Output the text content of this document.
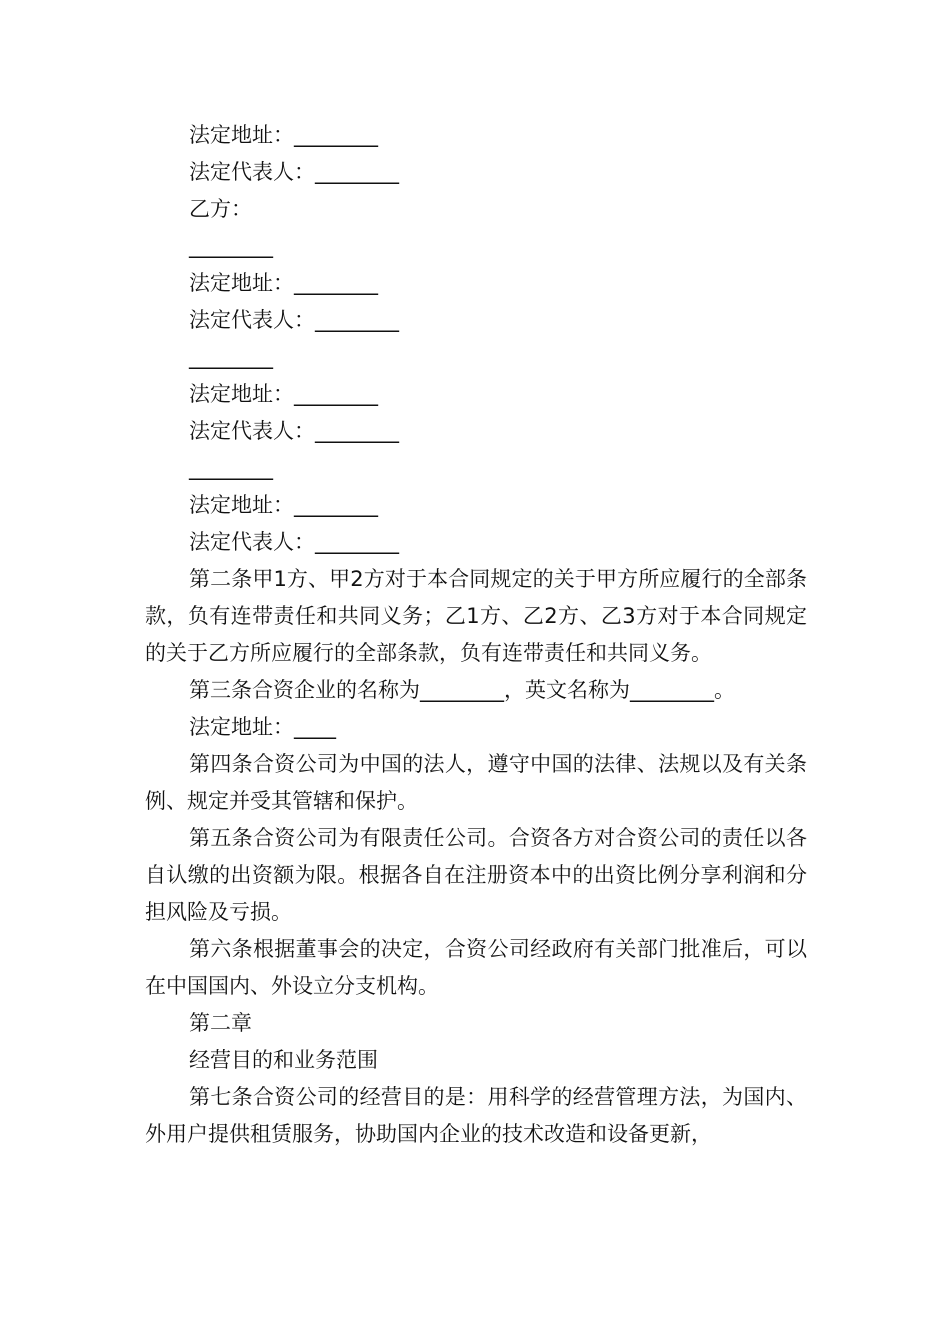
法定地址：________
法定代表人：________
乙方：
________
法定地址：________
法定代表人：________
________
法定地址：________
法定代表人：________
________
法定地址：________
法定代表人：________
第二条甲1方、甲2方对于本合同规定的关于甲方所应履行的全部条款，负有连带责任和共同义务；乙1方、乙2方、乙3方对于本合同规定的关于乙方所应履行的全部条款，负有连带责任和共同义务。
第三条合资企业的名称为________，英文名称为________。
法定地址：____
第四条合资公司为中国的法人，遵守中国的法律、法规以及有关条例、规定并受其管辖和保护。
第五条合资公司为有限责任公司。合资各方对合资公司的责任以各自认缴的出资额为限。根据各自在注册资本中的出资比例分享利润和分担风险及亏损。
第六条根据董事会的决定，合资公司经政府有关部门批准后，可以在中国国内、外设立分支机构。
第二章
经营目的和业务范围
第七条合资公司的经营目的是：用科学的经营管理方法，为国内、外用户提供租赁服务，协助国内企业的技术改造和设备更新，
